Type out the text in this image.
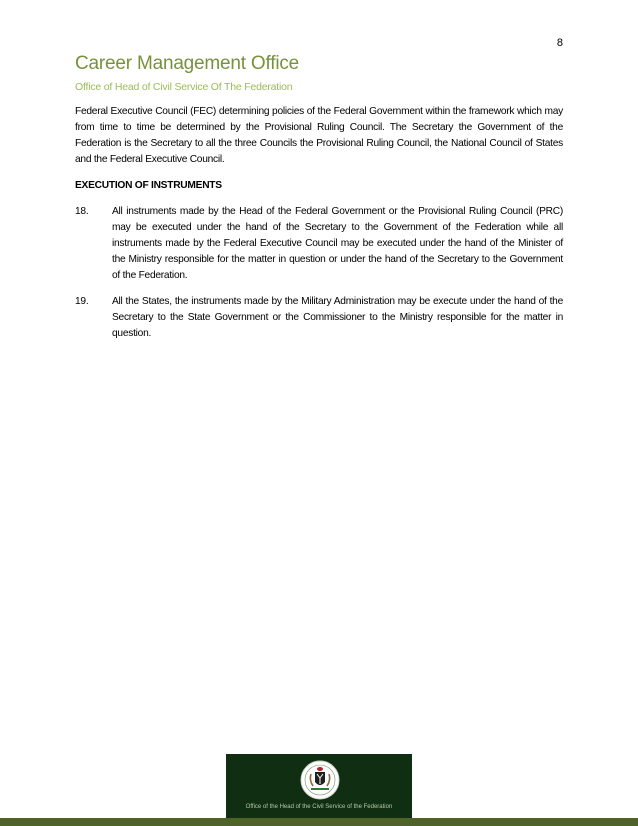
8
Career Management Office
Office of Head of Civil Service Of The Federation

Federal Executive Council (FEC) determining policies of the Federal Government within the framework which may from time to time be determined by the Provisional Ruling Council. The Secretary the Government of the Federation is the Secretary to all the three Councils the Provisional Ruling Council, the National Council of States and the Federal Executive Council.

EXECUTION OF INSTRUMENTS
18.	All instruments made by the Head of the Federal Government or the Provisional Ruling Council (PRC) may be executed under the hand of the Secretary to the Government of the Federation while all instruments made by the Federal Executive Council may be executed under the hand of the Minister of the Ministry responsible for the matter in question or under the hand of the Secretary to the Government of the Federation.

19.	All the States, the instruments made by the Military Administration may be execute under the hand of the Secretary to the State Government or the Commissioner to the Ministry responsible for the matter in question.

Office of the Head of the Civil Service of the Federation
